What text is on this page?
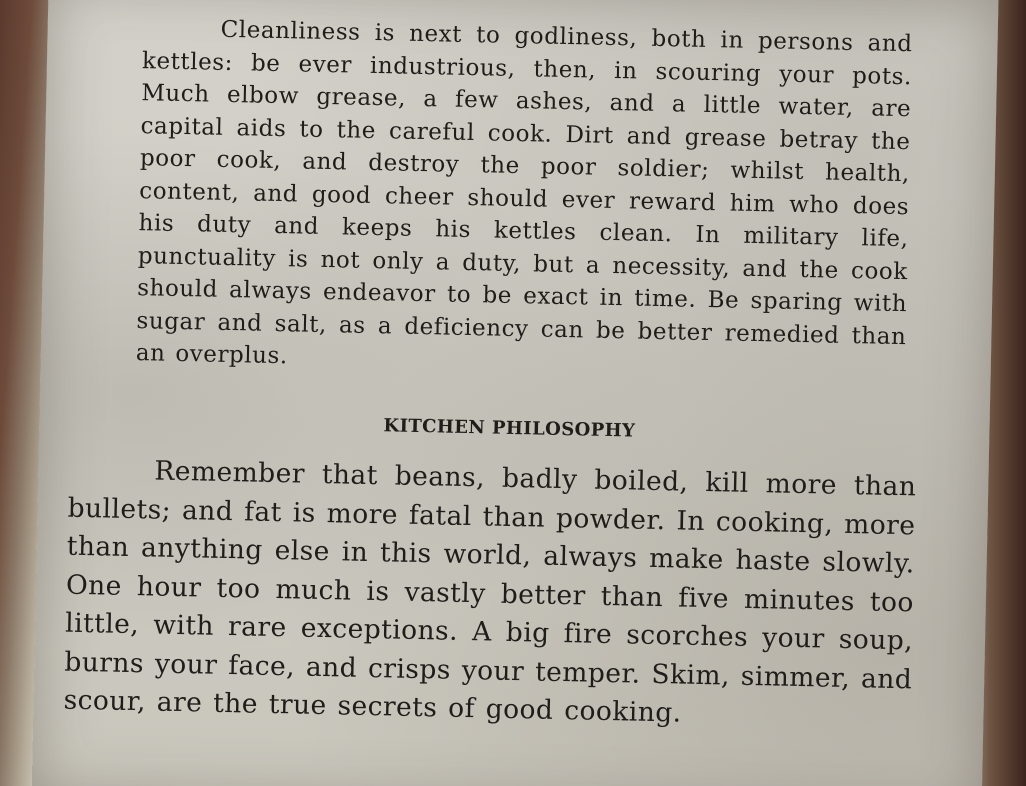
Cleanliness is next to godliness, both in persons and kettles: be ever industrious, then, in scouring your pots. Much elbow grease, a few ashes, and a little water, are capital aids to the careful cook. Dirt and grease betray the poor cook, and destroy the poor soldier; whilst health, content, and good cheer should ever reward him who does his duty and keeps his kettles clean. In military life, punctuality is not only a duty, but a necessity, and the cook should always endeavor to be exact in time. Be sparing with sugar and salt, as a deficiency can be better remedied than an overplus.

KITCHEN PHILOSOPHY

Remember that beans, badly boiled, kill more than bullets; and fat is more fatal than powder. In cooking, more than anything else in this world, always make haste slowly. One hour too much is vastly better than five minutes too little, with rare exceptions. A big fire scorches your soup, burns your face, and crisps your temper. Skim, simmer, and scour, are the true secrets of good cooking.
